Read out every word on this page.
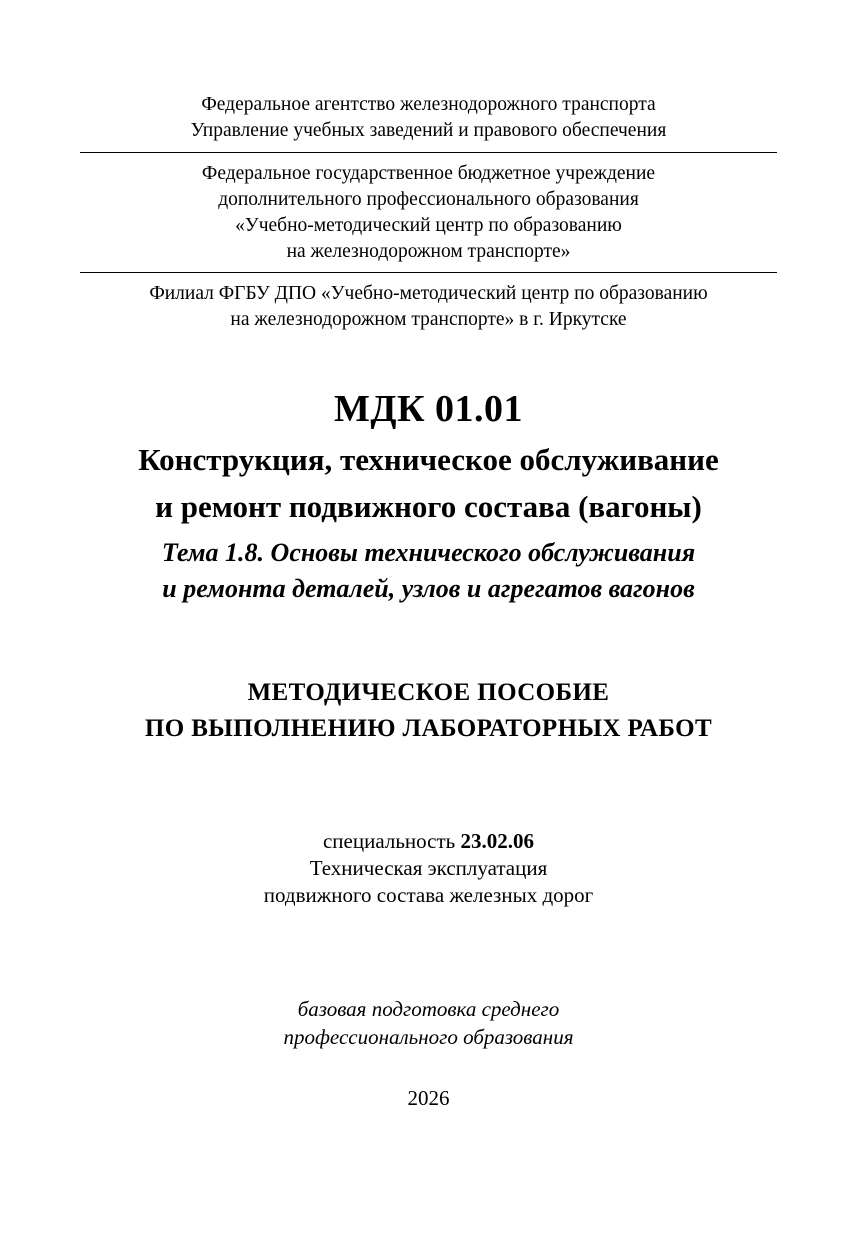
Федеральное агентство железнодорожного транспорта
Управление учебных заведений и правового обеспечения
Федеральное государственное бюджетное учреждение
дополнительного профессионального образования
«Учебно-методический центр по образованию
на железнодорожном транспорте»
Филиал ФГБУ ДПО «Учебно-методический центр по образованию
на железнодорожном транспорте» в г. Иркутске
МДК 01.01
Конструкция, техническое обслуживание
и ремонт подвижного состава (вагоны)
Тема 1.8. Основы технического обслуживания
и ремонта деталей, узлов и агрегатов вагонов
МЕТОДИЧЕСКОЕ ПОСОБИЕ
ПО ВЫПОЛНЕНИЮ ЛАБОРАТОРНЫХ РАБОТ
специальность 23.02.06
Техническая эксплуатация
подвижного состава железных дорог
базовая подготовка среднего
профессионального образования
2026
